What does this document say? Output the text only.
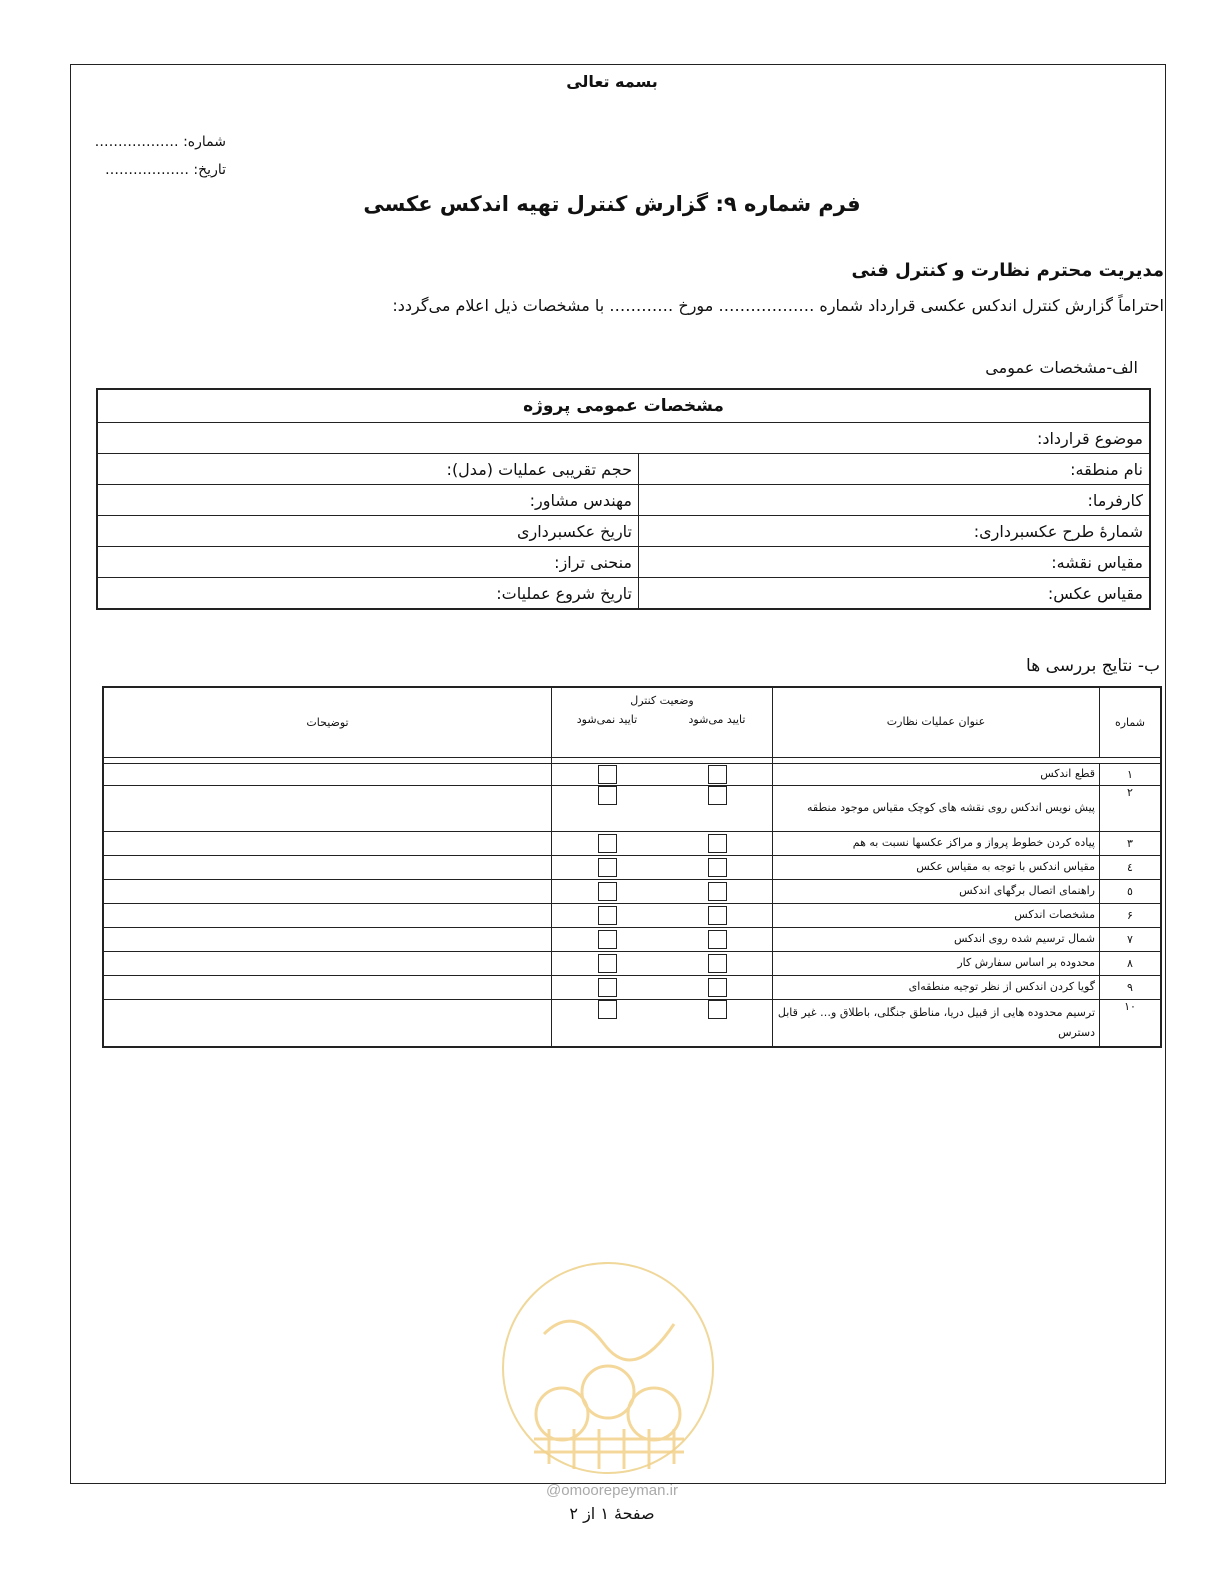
بسمه تعالی
شماره: ………………
تاریخ: ………………
فرم شماره ۹: گزارش کنترل تهیه اندکس عکسی
مدیریت محترم نظارت و کنترل فنی
احتراماً گزارش کنترل اندکس عکسی قرارداد شماره ……………… مورخ ………… با مشخصات ذیل اعلام می‌گردد:
الف-مشخصات عمومی
مشخصات عمومی پروژه	
موضوع قرارداد:	
نام منطقه:	حجم تقریبی عملیات (مدل):
کارفرما:	مهندس مشاور:
شمارهٔ طرح عکسبرداری:	تاریخ عکسبرداری
مقیاس نقشه:	منحنی تراز:
مقیاس عکس:	تاریخ شروع عملیات:
ب- نتایج بررسی ها
شماره	عنوان عملیات نظارت	وضعیت کنترل		توضیحات
		تایید می‌شود	تایید نمی‌شود	

۱	قطع اندکس			
۲	پیش نویس اندکس روی نقشه های کوچک مقیاس موجود منطقه			
۳	پیاده کردن خطوط پرواز و مراکز عکسها نسبت به هم			
٤	مقیاس اندکس با توجه به مقیاس عکس			
٥	راهنمای اتصال برگهای اندکس			
۶	مشخصات اندکس			
۷	شمال ترسیم شده روی اندکس			
۸	محدوده بر اساس سفارش کار			
۹	گویا کردن اندکس از نظر توجیه منطقه‌ای			
۱۰	ترسیم محدوده هایی از قبیل دریا، مناطق جنگلی، باطلاق و… غیر قابل دسترس			
@omoorepeyman.ir
صفحهٔ ۱ از ۲
